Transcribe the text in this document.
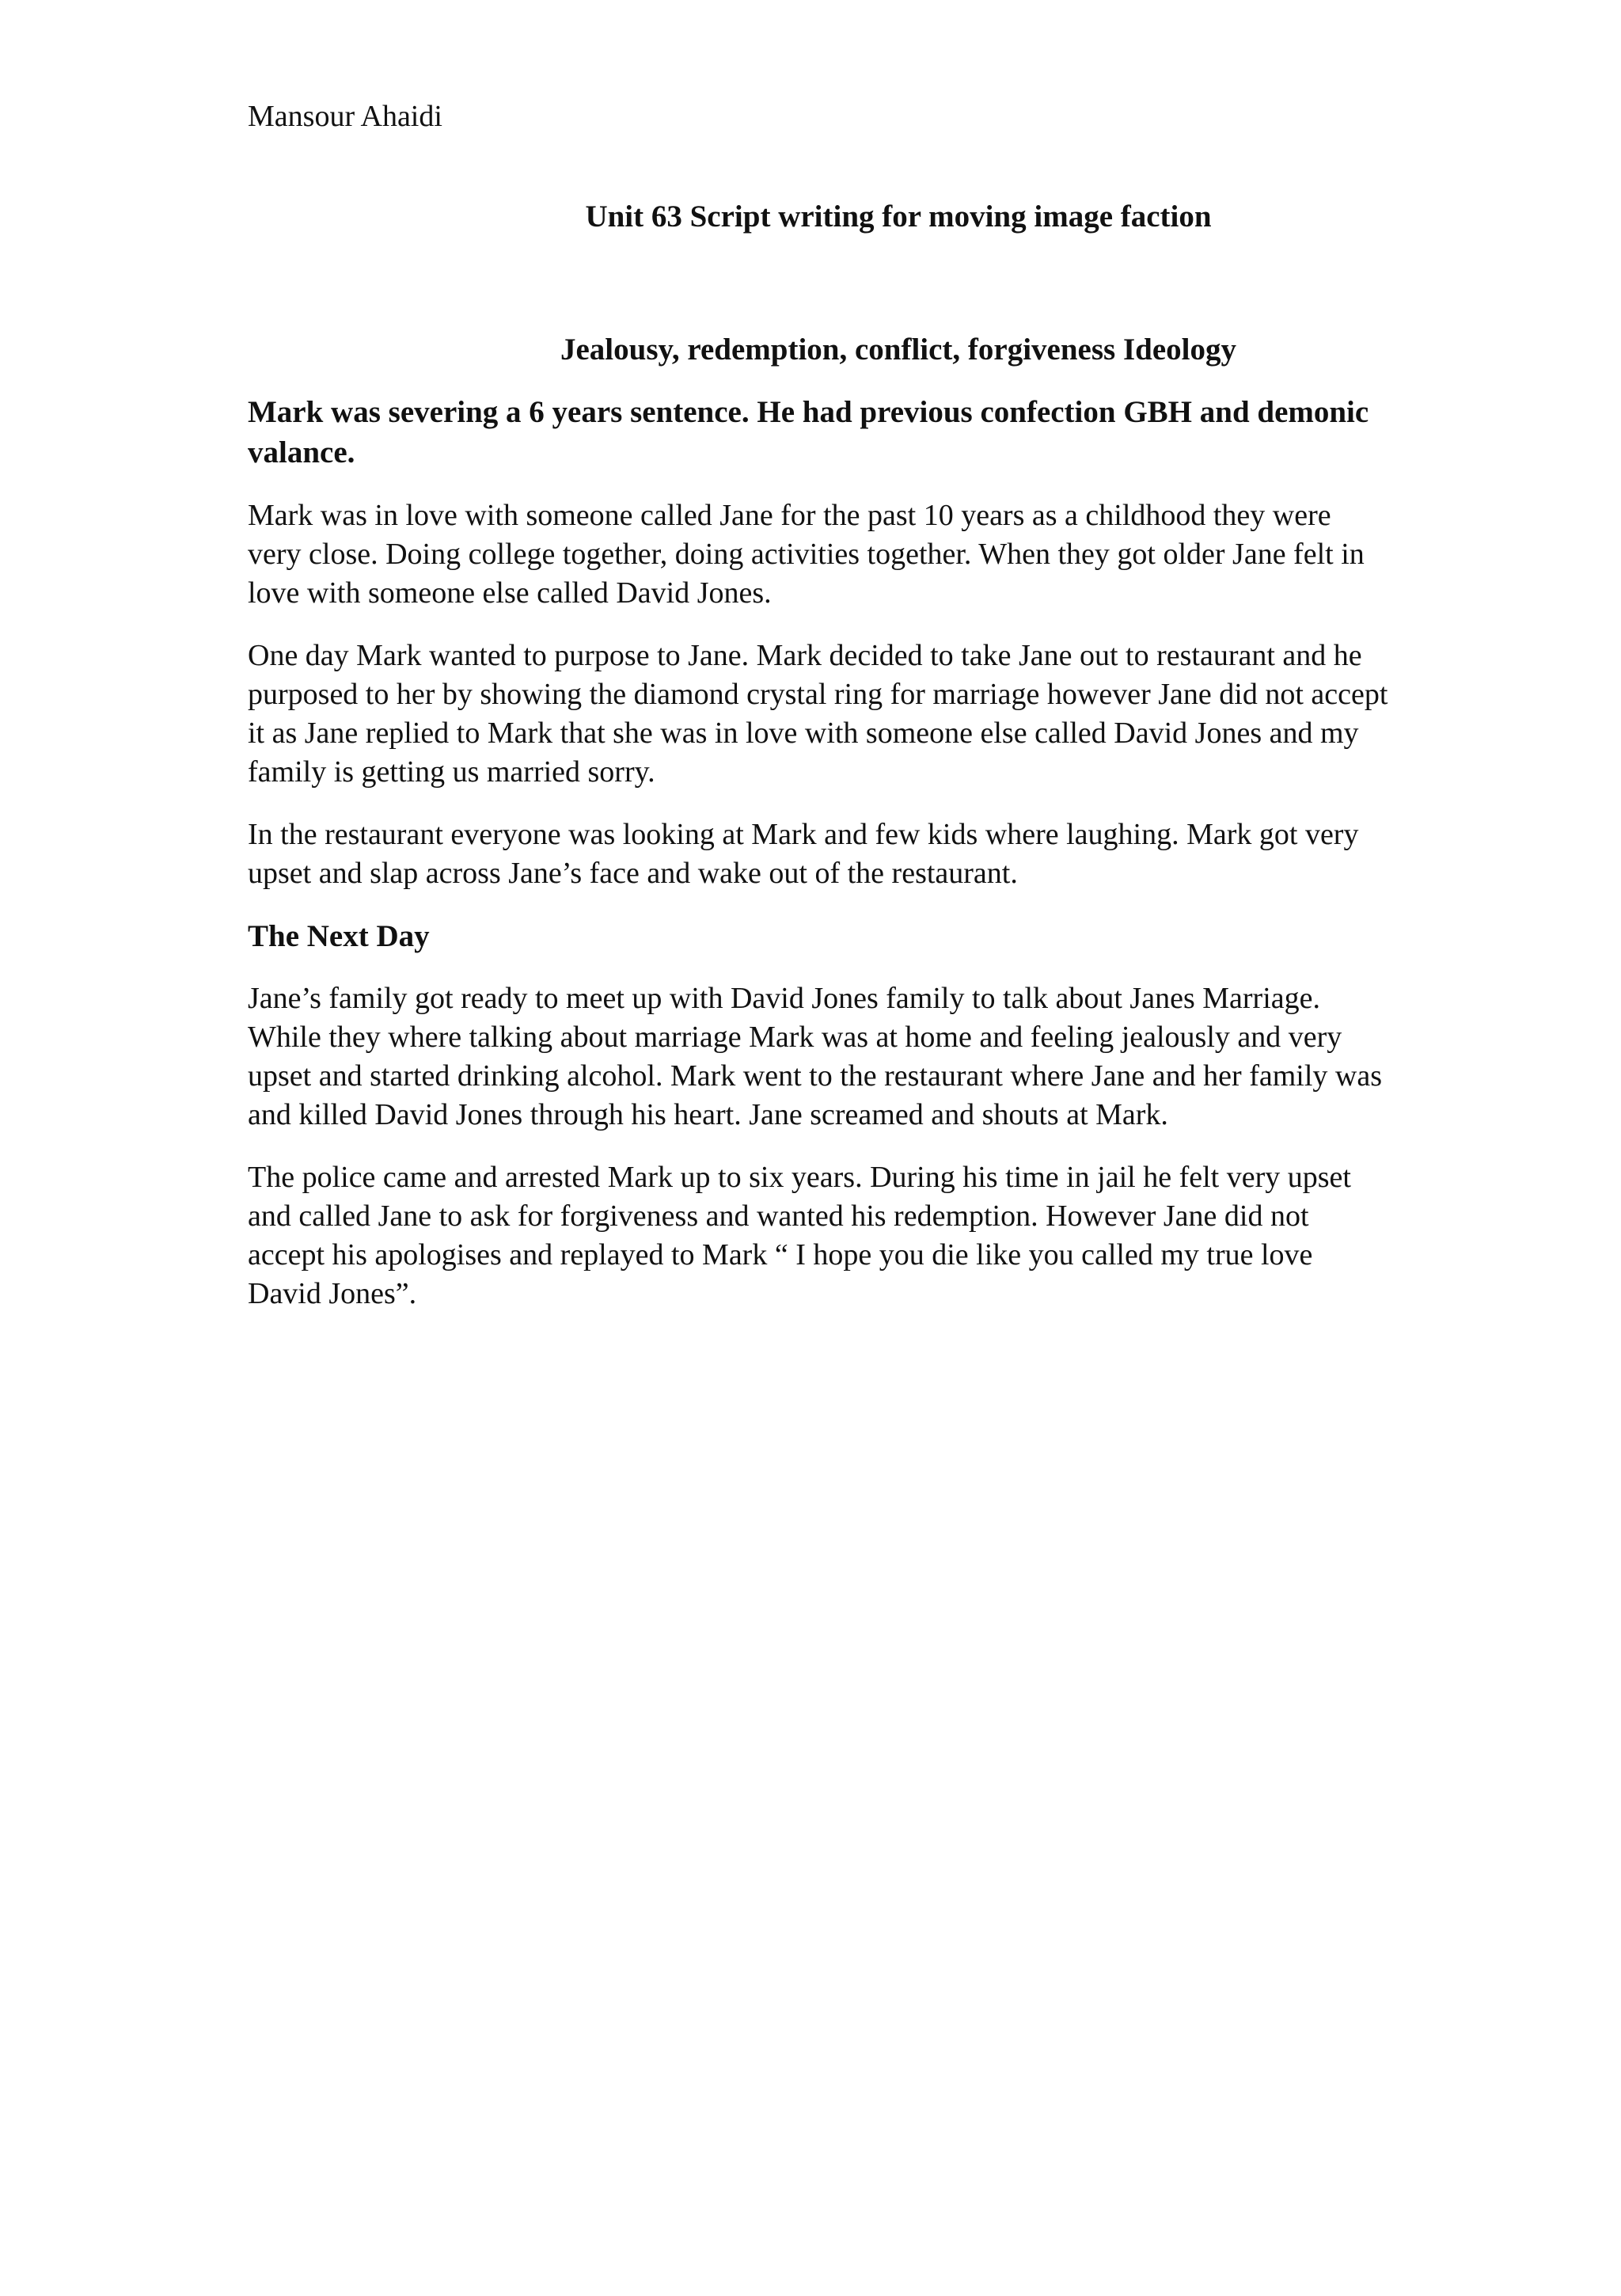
Mansour Ahaidi
Unit 63 Script writing for moving image faction
Jealousy, redemption, conflict, forgiveness Ideology

Mark was severing a 6 years sentence. He had previous confection GBH and demonic valance.

Mark was in love with someone called Jane for the past 10 years as a childhood they were very close. Doing college together, doing activities together. When they got older Jane felt in love with someone else called David Jones.

One day Mark wanted to purpose to Jane. Mark decided to take Jane out to restaurant and he purposed to her by showing the diamond crystal ring for marriage however Jane did not accept it as Jane replied to Mark that she was in love with someone else called David Jones and my family is getting us married sorry.

In the restaurant everyone was looking at Mark and few kids where laughing. Mark got very upset and slap across Jane’s face and wake out of the restaurant.

The Next Day

Jane’s family got ready to meet up with David Jones family to talk about Janes Marriage. While they where talking about marriage Mark was at home and feeling jealously and very upset and started drinking alcohol. Mark went to the restaurant where Jane and her family was and killed David Jones through his heart. Jane screamed and shouts at Mark.

The police came and arrested Mark up to six years. During his time in jail he felt very upset and called Jane to ask for forgiveness and wanted his redemption. However Jane did not accept his apologises and replayed to Mark “ I hope you die like you called my true love David Jones”.
